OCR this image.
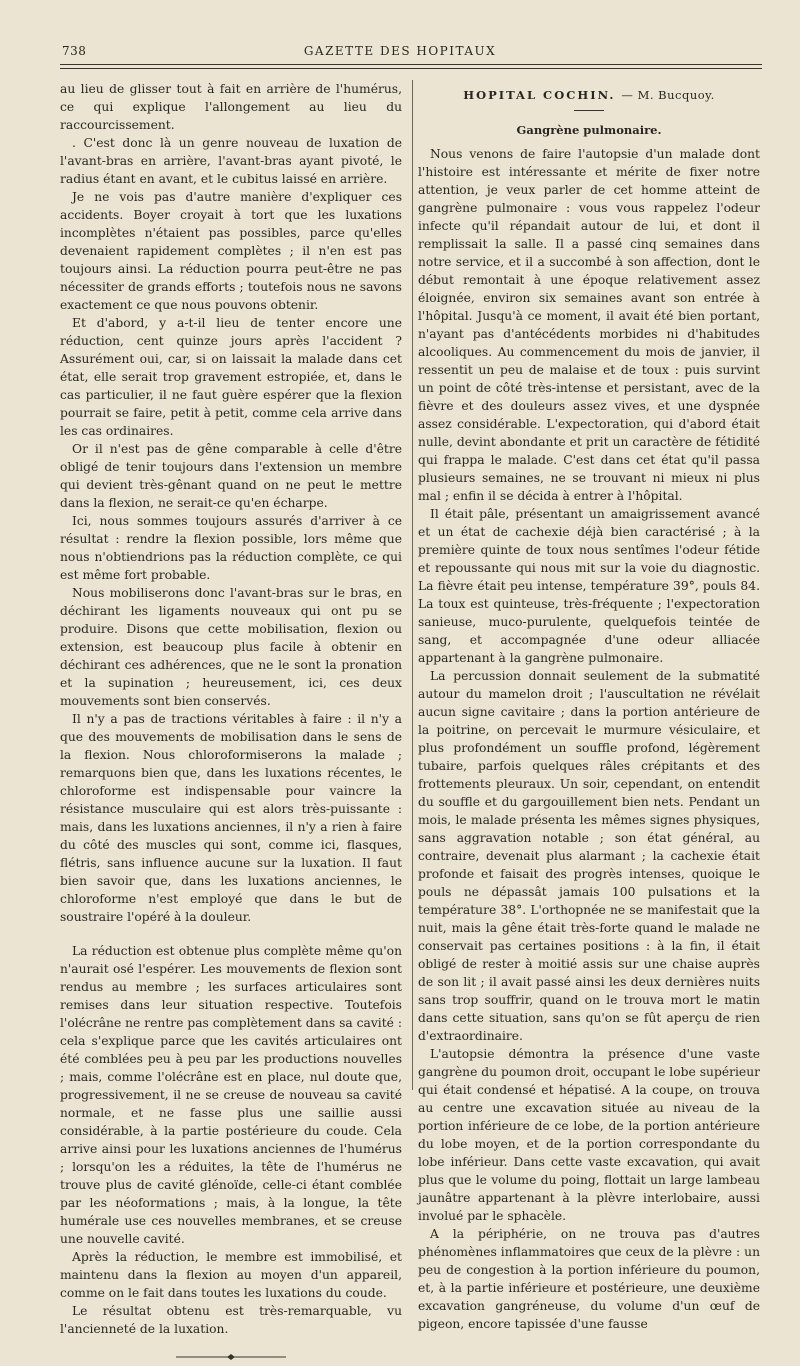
738	GAZETTE DES HOPITAUX

au lieu de glisser tout à fait en arrière de l'humérus, ce qui explique l'allongement au lieu du raccourcissement.

. C'est donc là un genre nouveau de luxation de l'avant-bras en arrière, l'avant-bras ayant pivoté, le radius étant en avant, et le cubitus laissé en arrière.

Je ne vois pas d'autre manière d'expliquer ces accidents. Boyer croyait à tort que les luxations incomplètes n'étaient pas possibles, parce qu'elles devenaient rapidement complètes ; il n'en est pas toujours ainsi. La réduction pourra peut-être ne pas nécessiter de grands efforts ; toutefois nous ne savons exactement ce que nous pouvons obtenir.

Et d'abord, y a-t-il lieu de tenter encore une réduction, cent quinze jours après l'accident ? Assurément oui, car, si on laissait la malade dans cet état, elle serait trop gravement estropiée, et, dans le cas particulier, il ne faut guère espérer que la flexion pourrait se faire, petit à petit, comme cela arrive dans les cas ordinaires.

Or il n'est pas de gêne comparable à celle d'être obligé de tenir toujours dans l'extension un membre qui devient très-gênant quand on ne peut le mettre dans la flexion, ne serait-ce qu'en écharpe.

Ici, nous sommes toujours assurés d'arriver à ce résultat : rendre la flexion possible, lors même que nous n'obtiendrions pas la réduction complète, ce qui est même fort probable.

Nous mobiliserons donc l'avant-bras sur le bras, en déchirant les ligaments nouveaux qui ont pu se produire. Disons que cette mobilisation, flexion ou extension, est beaucoup plus facile à obtenir en déchirant ces adhérences, que ne le sont la pronation et la supination ; heureusement, ici, ces deux mouvements sont bien conservés.

Il n'y a pas de tractions véritables à faire : il n'y a que des mouvements de mobilisation dans le sens de la flexion. Nous chloroformiserons la malade ; remarquons bien que, dans les luxations récentes, le chloroforme est indispensable pour vaincre la résistance musculaire qui est alors très-puissante : mais, dans les luxations anciennes, il n'y a rien à faire du côté des muscles qui sont, comme ici, flasques, flétris, sans influence aucune sur la luxation. Il faut bien savoir que, dans les luxations anciennes, le chloroforme n'est employé que dans le but de soustraire l'opéré à la douleur.

La réduction est obtenue plus complète même qu'on n'aurait osé l'espérer. Les mouvements de flexion sont rendus au membre ; les surfaces articulaires sont remises dans leur situation respective. Toutefois l'olécrâne ne rentre pas complètement dans sa cavité : cela s'explique parce que les cavités articulaires ont été comblées peu à peu par les productions nouvelles ; mais, comme l'olécrâne est en place, nul doute que, progressivement, il ne se creuse de nouveau sa cavité normale, et ne fasse plus une saillie aussi considérable, à la partie postérieure du coude. Cela arrive ainsi pour les luxations anciennes de l'humérus ; lorsqu'on les a réduites, la tête de l'humérus ne trouve plus de cavité glénoïde, celle-ci étant comblée par les néoformations ; mais, à la longue, la tête humérale use ces nouvelles membranes, et se creuse une nouvelle cavité.

Après la réduction, le membre est immobilisé, et maintenu dans la flexion au moyen d'un appareil, comme on le fait dans toutes les luxations du coude.

Le résultat obtenu est très-remarquable, vu l'ancienneté de la luxation.

HOPITAL COCHIN. — M. Bucquoy.
Gangrène pulmonaire.

Nous venons de faire l'autopsie d'un malade dont l'histoire est intéressante et mérite de fixer notre attention, je veux parler de cet homme atteint de gangrène pulmonaire : vous vous rappelez l'odeur infecte qu'il répandait autour de lui, et dont il remplissait la salle. Il a passé cinq semaines dans notre service, et il a succombé à son affection, dont le début remontait à une époque relativement assez éloignée, environ six semaines avant son entrée à l'hôpital. Jusqu'à ce moment, il avait été bien portant, n'ayant pas d'antécédents morbides ni d'habitudes alcooliques. Au commencement du mois de janvier, il ressentit un peu de malaise et de toux : puis survint un point de côté très-intense et persistant, avec de la fièvre et des douleurs assez vives, et une dyspnée assez considérable. L'expectoration, qui d'abord était nulle, devint abondante et prit un caractère de fétidité qui frappa le malade. C'est dans cet état qu'il passa plusieurs semaines, ne se trouvant ni mieux ni plus mal ; enfin il se décida à entrer à l'hôpital.

Il était pâle, présentant un amaigrissement avancé et un état de cachexie déjà bien caractérisé ; à la première quinte de toux nous sentîmes l'odeur fétide et repoussante qui nous mit sur la voie du diagnostic. La fièvre était peu intense, température 39°, pouls 84. La toux est quinteuse, très-fréquente ; l'expectoration sanieuse, muco-purulente, quelquefois teintée de sang, et accompagnée d'une odeur alliacée appartenant à la gangrène pulmonaire.

La percussion donnait seulement de la submatité autour du mamelon droit ; l'auscultation ne révélait aucun signe cavitaire ; dans la portion antérieure de la poitrine, on percevait le murmure vésiculaire, et plus profondément un souffle profond, légèrement tubaire, parfois quelques râles crépitants et des frottements pleuraux. Un soir, cependant, on entendit du souffle et du gargouillement bien nets. Pendant un mois, le malade présenta les mêmes signes physiques, sans aggravation notable ; son état général, au contraire, devenait plus alarmant ; la cachexie était profonde et faisait des progrès intenses, quoique le pouls ne dépassât jamais 100 pulsations et la température 38°. L'orthopnée ne se manifestait que la nuit, mais la gêne était très-forte quand le malade ne conservait pas certaines positions : à la fin, il était obligé de rester à moitié assis sur une chaise auprès de son lit ; il avait passé ainsi les deux dernières nuits sans trop souffrir, quand on le trouva mort le matin dans cette situation, sans qu'on se fût aperçu de rien d'extraordinaire.

L'autopsie démontra la présence d'une vaste gangrène du poumon droit, occupant le lobe supérieur qui était condensé et hépatisé. A la coupe, on trouva au centre une excavation située au niveau de la portion inférieure de ce lobe, de la portion antérieure du lobe moyen, et de la portion correspondante du lobe inférieur. Dans cette vaste excavation, qui avait plus que le volume du poing, flottait un large lambeau jaunâtre appartenant à la plèvre interlobaire, aussi involué par le sphacèle.

A la périphérie, on ne trouva pas d'autres phénomènes inflammatoires que ceux de la plèvre : un peu de congestion à la portion inférieure du poumon, et, à la partie inférieure et postérieure, une deuxième excavation gangréneuse, du volume d'un œuf de pigeon, encore tapissée d'une fausse
